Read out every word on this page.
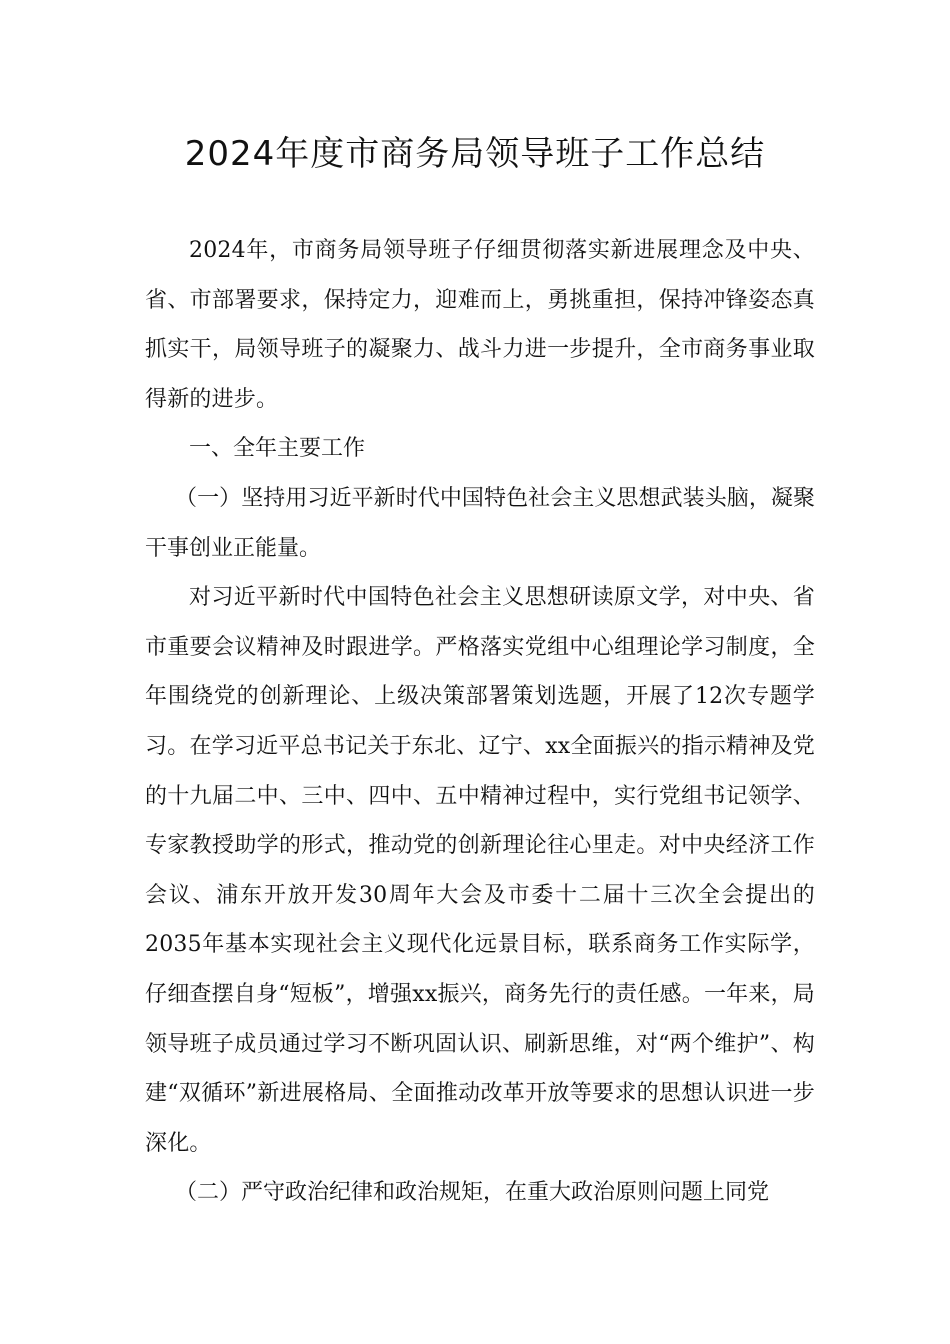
2024年度市商务局领导班子工作总结

2024年，市商务局领导班子仔细贯彻落实新进展理念及中央、省、市部署要求，保持定力，迎难而上，勇挑重担，保持冲锋姿态真抓实干，局领导班子的凝聚力、战斗力进一步提升，全市商务事业取得新的进步。

一、全年主要工作

（一）坚持用习近平新时代中国特色社会主义思想武装头脑，凝聚干事创业正能量。

对习近平新时代中国特色社会主义思想研读原文学，对中央、省市重要会议精神及时跟进学。严格落实党组中心组理论学习制度，全年围绕党的创新理论、上级决策部署策划选题，开展了12次专题学习。在学习近平总书记关于东北、辽宁、xx全面振兴的指示精神及党的十九届二中、三中、四中、五中精神过程中，实行党组书记领学、专家教授助学的形式，推动党的创新理论往心里走。对中央经济工作会议、浦东开放开发30周年大会及市委十二届十三次全会提出的2035年基本实现社会主义现代化远景目标，联系商务工作实际学，仔细查摆自身“短板”，增强xx振兴，商务先行的责任感。一年来，局领导班子成员通过学习不断巩固认识、刷新思维，对“两个维护”、构建“双循环”新进展格局、全面推动改革开放等要求的思想认识进一步深化。

（二）严守政治纪律和政治规矩，在重大政治原则问题上同党
